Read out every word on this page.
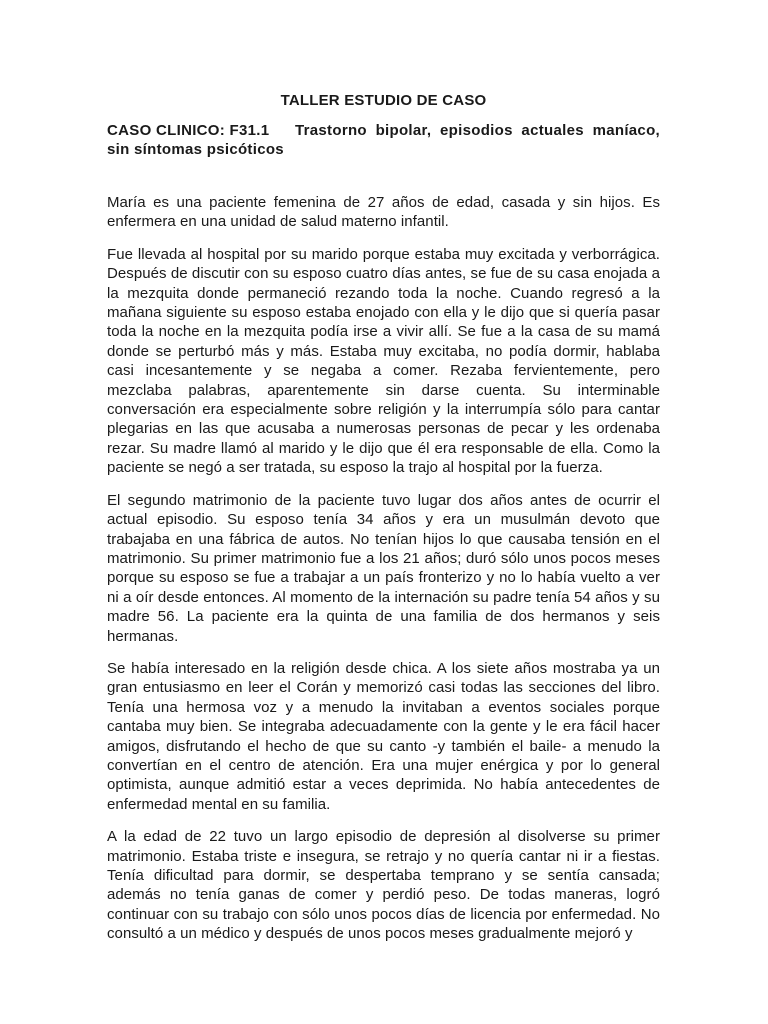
TALLER ESTUDIO DE CASO
CASO CLINICO: F31.1 Trastorno bipolar, episodios actuales maníaco, sin síntomas psicóticos

María es una paciente femenina de 27 años de edad, casada y sin hijos. Es enfermera en una unidad de salud materno infantil.

Fue llevada al hospital por su marido porque estaba muy excitada y verborrágica. Después de discutir con su esposo cuatro días antes, se fue de su casa enojada a la mezquita donde permaneció rezando toda la noche. Cuando regresó a la mañana siguiente su esposo estaba enojado con ella y le dijo que si quería pasar toda la noche en la mezquita podía irse a vivir allí. Se fue a la casa de su mamá donde se perturbó más y más. Estaba muy excitaba, no podía dormir, hablaba casi incesantemente y se negaba a comer. Rezaba fervientemente, pero mezclaba palabras, aparentemente sin darse cuenta. Su interminable conversación era especialmente sobre religión y la interrumpía sólo para cantar plegarias en las que acusaba a numerosas personas de pecar y les ordenaba rezar. Su madre llamó al marido y le dijo que él era responsable de ella. Como la paciente se negó a ser tratada, su esposo la trajo al hospital por la fuerza.

El segundo matrimonio de la paciente tuvo lugar dos años antes de ocurrir el actual episodio. Su esposo tenía 34 años y era un musulmán devoto que trabajaba en una fábrica de autos. No tenían hijos lo que causaba tensión en el matrimonio. Su primer matrimonio fue a los 21 años; duró sólo unos pocos meses porque su esposo se fue a trabajar a un país fronterizo y no lo había vuelto a ver ni a oír desde entonces. Al momento de la internación su padre tenía 54 años y su madre 56. La paciente era la quinta de una familia de dos hermanos y seis hermanas.

Se había interesado en la religión desde chica. A los siete años mostraba ya un gran entusiasmo en leer el Corán y memorizó casi todas las secciones del libro. Tenía una hermosa voz y a menudo la invitaban a eventos sociales porque cantaba muy bien. Se integraba adecuadamente con la gente y le era fácil hacer amigos, disfrutando el hecho de que su canto -y también el baile- a menudo la convertían en el centro de atención. Era una mujer enérgica y por lo general optimista, aunque admitió estar a veces deprimida. No había antecedentes de enfermedad mental en su familia.

A la edad de 22 tuvo un largo episodio de depresión al disolverse su primer matrimonio. Estaba triste e insegura, se retrajo y no quería cantar ni ir a fiestas. Tenía dificultad para dormir, se despertaba temprano y se sentía cansada; además no tenía ganas de comer y perdió peso. De todas maneras, logró continuar con su trabajo con sólo unos pocos días de licencia por enfermedad. No consultó a un médico y después de unos pocos meses gradualmente mejoró y
